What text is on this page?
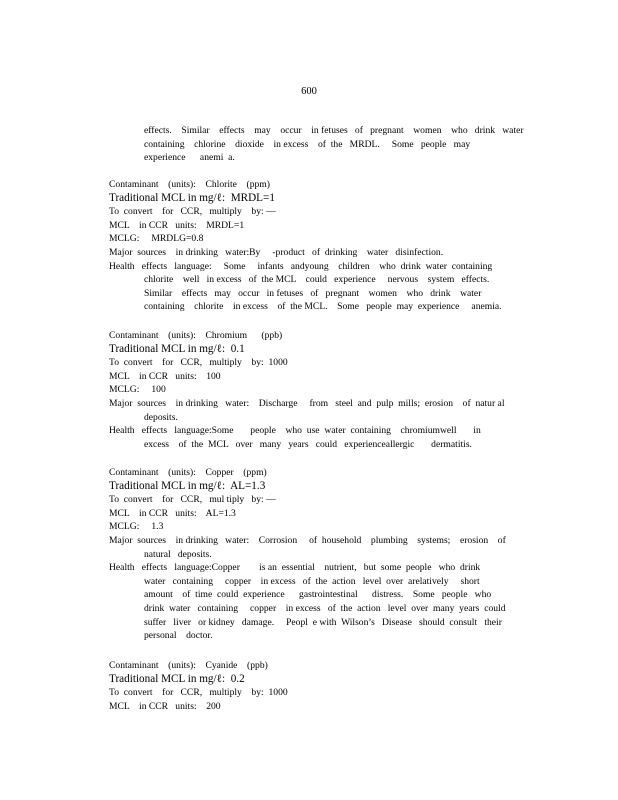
600
effects.    Similar    effects    may    occur    in fetuses   of   pregnant    women    who   drink   water
containing    chlorine    dioxide    in excess    of  the   MRDL.     Some   people   may
experience      anemi  a.
Contaminant    (units):    Chlorite    (ppm)
Traditional MCL in mg/ℓ:  MRDL=1
To  convert    for   CCR,   multiply    by: —
MCL    in CCR   units:    MRDL=1
MCLG:     MRDLG=0.8
Major  sources    in drinking   water:By     -product   of  drinking    water   disinfection.
Health   effects   language:     Some     infants   andyoung    children    who  drink  water  containing
chlorite    well   in excess   of  the MCL    could   experience     nervous    system   effects.
Similar    effects   may   occur   in fetuses   of   pregnant    women    who   drink    water
containing    chlorite    in excess    of  the MCL.    Some   people  may  experience     anemia.
Contaminant    (units):    Chromium      (ppb)
Traditional MCL in mg/ℓ:  0.1
To  convert    for   CCR,   multiply    by:  1000
MCL    in CCR   units:    100
MCLG:     100
Major  sources    in drinking   water:    Discharge     from   steel  and  pulp  mills;  erosion    of  natur al
deposits.
Health   effects   language:Some       people    who  use  water  containing    chromiumwell       in
excess    of  the  MCL   over   many   years   could   experienceallergic       dermatitis.
Contaminant    (units):    Copper    (ppm)
Traditional MCL in mg/ℓ:  AL=1.3
To  convert    for   CCR,   mul tiply   by: —
MCL    in CCR   units:    AL=1.3
MCLG:     1.3
Major  sources    in drinking   water:    Corrosion     of  household    plumbing    systems;    erosion    of
natural   deposits.
Health   effects   language:Copper        is an  essential    nutrient,   but  some  people   who  drink
water   containing     copper    in excess   of  the  action   level  over  arelatively     short
amount    of  time  could  experience      gastrointestinal      distress.    Some   people   who
drink  water   containing     copper    in excess   of  the  action   level  over  many  years  could
suffer   liver   or kidney   damage.     Peopl  e with  Wilson’s   Disease   should  consult   their
personal    doctor.
Contaminant    (units):    Cyanide    (ppb)
Traditional MCL in mg/ℓ:  0.2
To  convert    for   CCR,   multiply    by:  1000
MCL    in CCR   units:    200
